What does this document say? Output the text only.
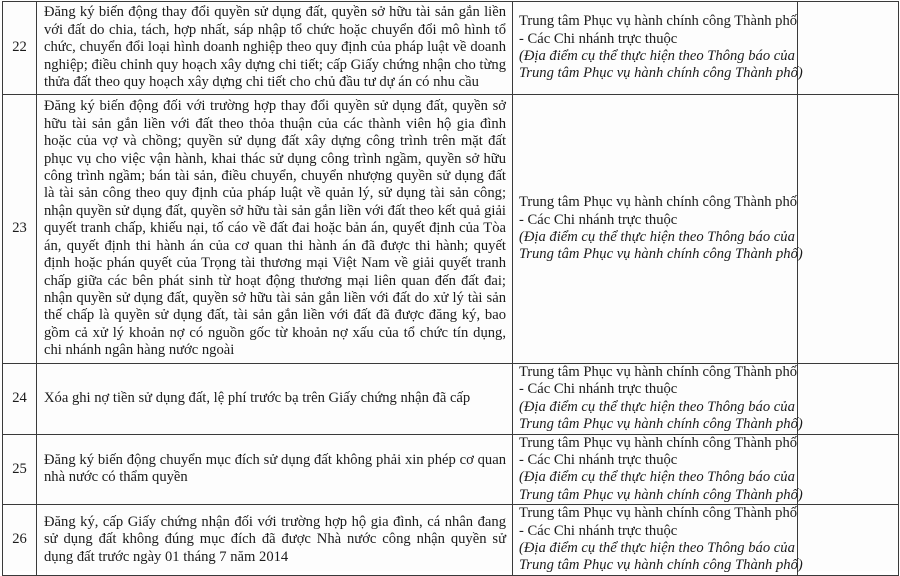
22	Đăng ký biến động thay đổi quyền sử dụng đất, quyền sở hữu tài sản gắn liền với đất do chia, tách, hợp nhất, sáp nhập tổ chức hoặc chuyển đổi mô hình tổ chức, chuyển đổi loại hình doanh nghiệp theo quy định của pháp luật về doanh nghiệp; điều chỉnh quy hoạch xây dựng chi tiết; cấp Giấy chứng nhận cho từng thửa đất theo quy hoạch xây dựng chi tiết cho chủ đầu tư dự án có nhu cầu	
Trung tâm Phục vụ hành chính công Thành phố
- Các Chi nhánh trực thuộc
(Địa điểm cụ thể thực hiện theo Thông báo của
Trung tâm Phục vụ hành chính công Thành phố)

23	Đăng ký biến động đối với trường hợp thay đổi quyền sử dụng đất, quyền sở hữu tài sản gắn liền với đất theo thỏa thuận của các thành viên hộ gia đình hoặc của vợ và chồng; quyền sử dụng đất xây dựng công trình trên mặt đất phục vụ cho việc vận hành, khai thác sử dụng công trình ngầm, quyền sở hữu công trình ngầm; bán tài sản, điều chuyển, chuyển nhượng quyền sử dụng đất là tài sản công theo quy định của pháp luật về quản lý, sử dụng tài sản công; nhận quyền sử dụng đất, quyền sở hữu tài sản gắn liền với đất theo kết quả giải quyết tranh chấp, khiếu nại, tố cáo về đất đai hoặc bản án, quyết định của Tòa án, quyết định thi hành án của cơ quan thi hành án đã được thi hành; quyết định hoặc phán quyết của Trọng tài thương mại Việt Nam về giải quyết tranh chấp giữa các bên phát sinh từ hoạt động thương mại liên quan đến đất đai; nhận quyền sử dụng đất, quyền sở hữu tài sản gắn liền với đất do xử lý tài sản thế chấp là quyền sử dụng đất, tài sản gắn liền với đất đã được đăng ký, bao gồm cả xử lý khoản nợ có nguồn gốc từ khoản nợ xấu của tổ chức tín dụng, chi nhánh ngân hàng nước ngoài	
Trung tâm Phục vụ hành chính công Thành phố
- Các Chi nhánh trực thuộc
(Địa điểm cụ thể thực hiện theo Thông báo của
Trung tâm Phục vụ hành chính công Thành phố)

24	Xóa ghi nợ tiền sử dụng đất, lệ phí trước bạ trên Giấy chứng nhận đã cấp	Trung tâm Phục vụ hành chính công Thành phố
- Các Chi nhánh trực thuộc
(Địa điểm cụ thể thực hiện theo Thông báo của
Trung tâm Phục vụ hành chính công Thành phố)	

25	Đăng ký biến động chuyển mục đích sử dụng đất không phải xin phép cơ quan nhà nước có thẩm quyền	Trung tâm Phục vụ hành chính công Thành phố
- Các Chi nhánh trực thuộc
(Địa điểm cụ thể thực hiện theo Thông báo của
Trung tâm Phục vụ hành chính công Thành phố)	

26	Đăng ký, cấp Giấy chứng nhận đối với trường hợp hộ gia đình, cá nhân đang sử dụng đất không đúng mục đích đã được Nhà nước công nhận quyền sử dụng đất trước ngày 01 tháng 7 năm 2014	Trung tâm Phục vụ hành chính công Thành phố
- Các Chi nhánh trực thuộc
(Địa điểm cụ thể thực hiện theo Thông báo của
Trung tâm Phục vụ hành chính công Thành phố)	
